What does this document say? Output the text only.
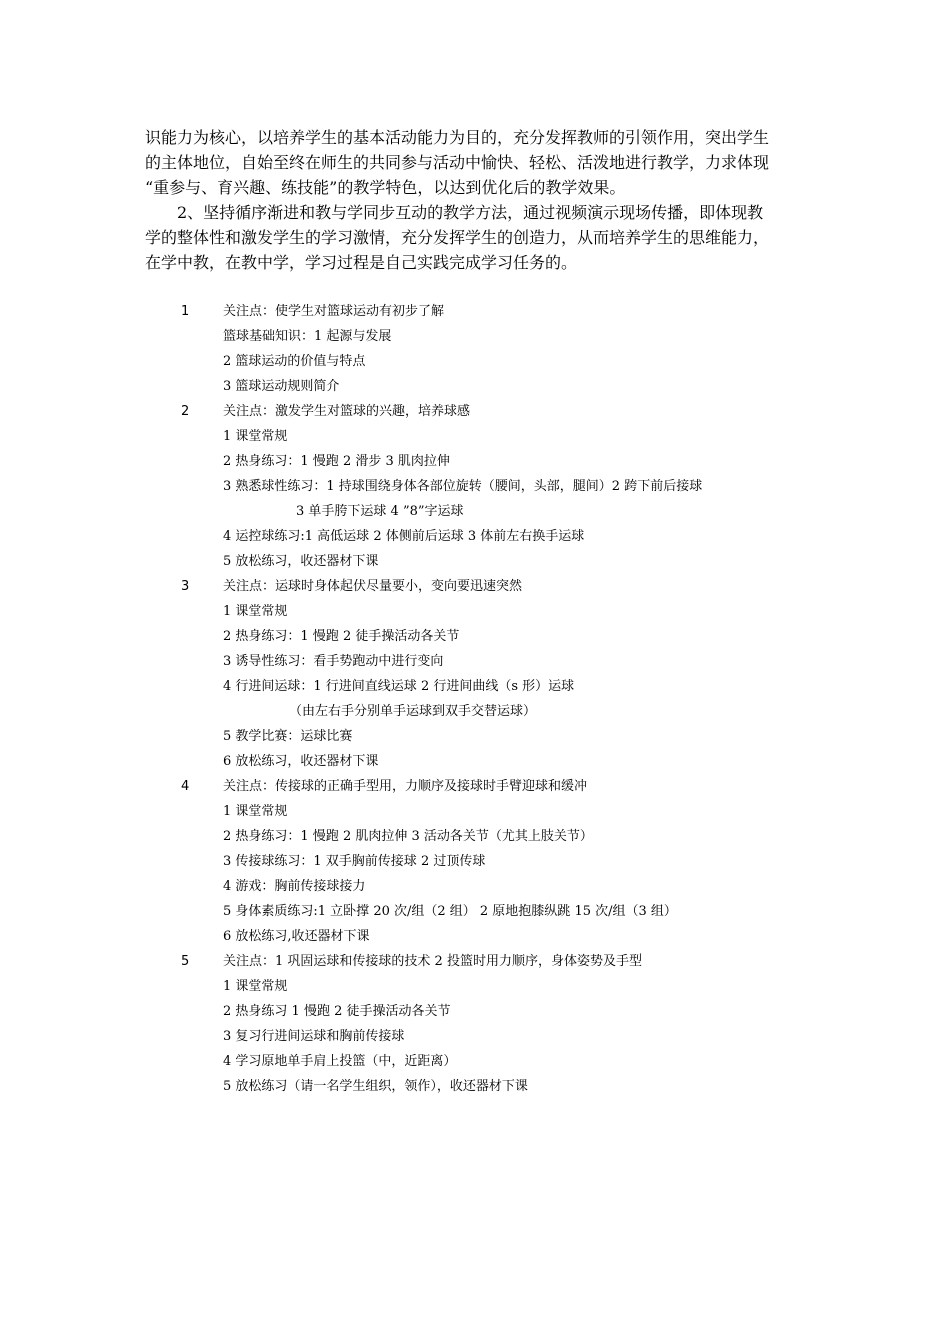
识能力为核心，以培养学生的基本活动能力为目的，充分发挥教师的引领作用，突出学生

的主体地位，自始至终在师生的共同参与活动中愉快、轻松、活泼地进行教学，力求体现

“重参与、育兴趣、练技能”的教学特色，以达到优化后的教学效果。

2、坚持循序渐进和教与学同步互动的教学方法，通过视频演示现场传播，即体现教

学的整体性和激发学生的学习激情，充分发挥学生的创造力，从而培养学生的思维能力，

在学中教，在教中学，学习过程是自己实践完成学习任务的。

1	关注点：使学生对篮球运动有初步了解
篮球基础知识：1 起源与发展
2 篮球运动的价值与特点
3 篮球运动规则简介
2	关注点：激发学生对篮球的兴趣，培养球感
1 课堂常规
2 热身练习：1 慢跑 2 滑步 3 肌肉拉伸
3 熟悉球性练习：1 持球围绕身体各部位旋转（腰间，头部，腿间）2 跨下前后接球
3 单手胯下运球 4 ”8”字运球
4 运控球练习:1 高低运球 2 体侧前后运球 3 体前左右换手运球
5 放松练习，收还器材下课
3	关注点：运球时身体起伏尽量要小，变向要迅速突然
1 课堂常规
2 热身练习：1 慢跑 2 徒手操活动各关节
3 诱导性练习：看手势跑动中进行变向
4 行进间运球：1 行进间直线运球 2 行进间曲线（s 形）运球
（由左右手分别单手运球到双手交替运球）
5 教学比赛：运球比赛
6 放松练习，收还器材下课
4	关注点：传接球的正确手型用，力顺序及接球时手臂迎球和缓冲
1 课堂常规
2 热身练习：1 慢跑 2 肌肉拉伸 3 活动各关节（尤其上肢关节）
3 传接球练习：1 双手胸前传接球 2 过顶传球
4 游戏：胸前传接球接力
5 身体素质练习:1 立卧撑 20 次/组（2 组） 2 原地抱膝纵跳 15 次/组（3 组）
6 放松练习,收还器材下课
5	关注点：1 巩固运球和传接球的技术 2 投篮时用力顺序，身体姿势及手型
1 课堂常规
2 热身练习 1 慢跑 2 徒手操活动各关节
3 复习行进间运球和胸前传接球
4 学习原地单手肩上投篮（中，近距离）
5 放松练习（请一名学生组织，领作），收还器材下课
